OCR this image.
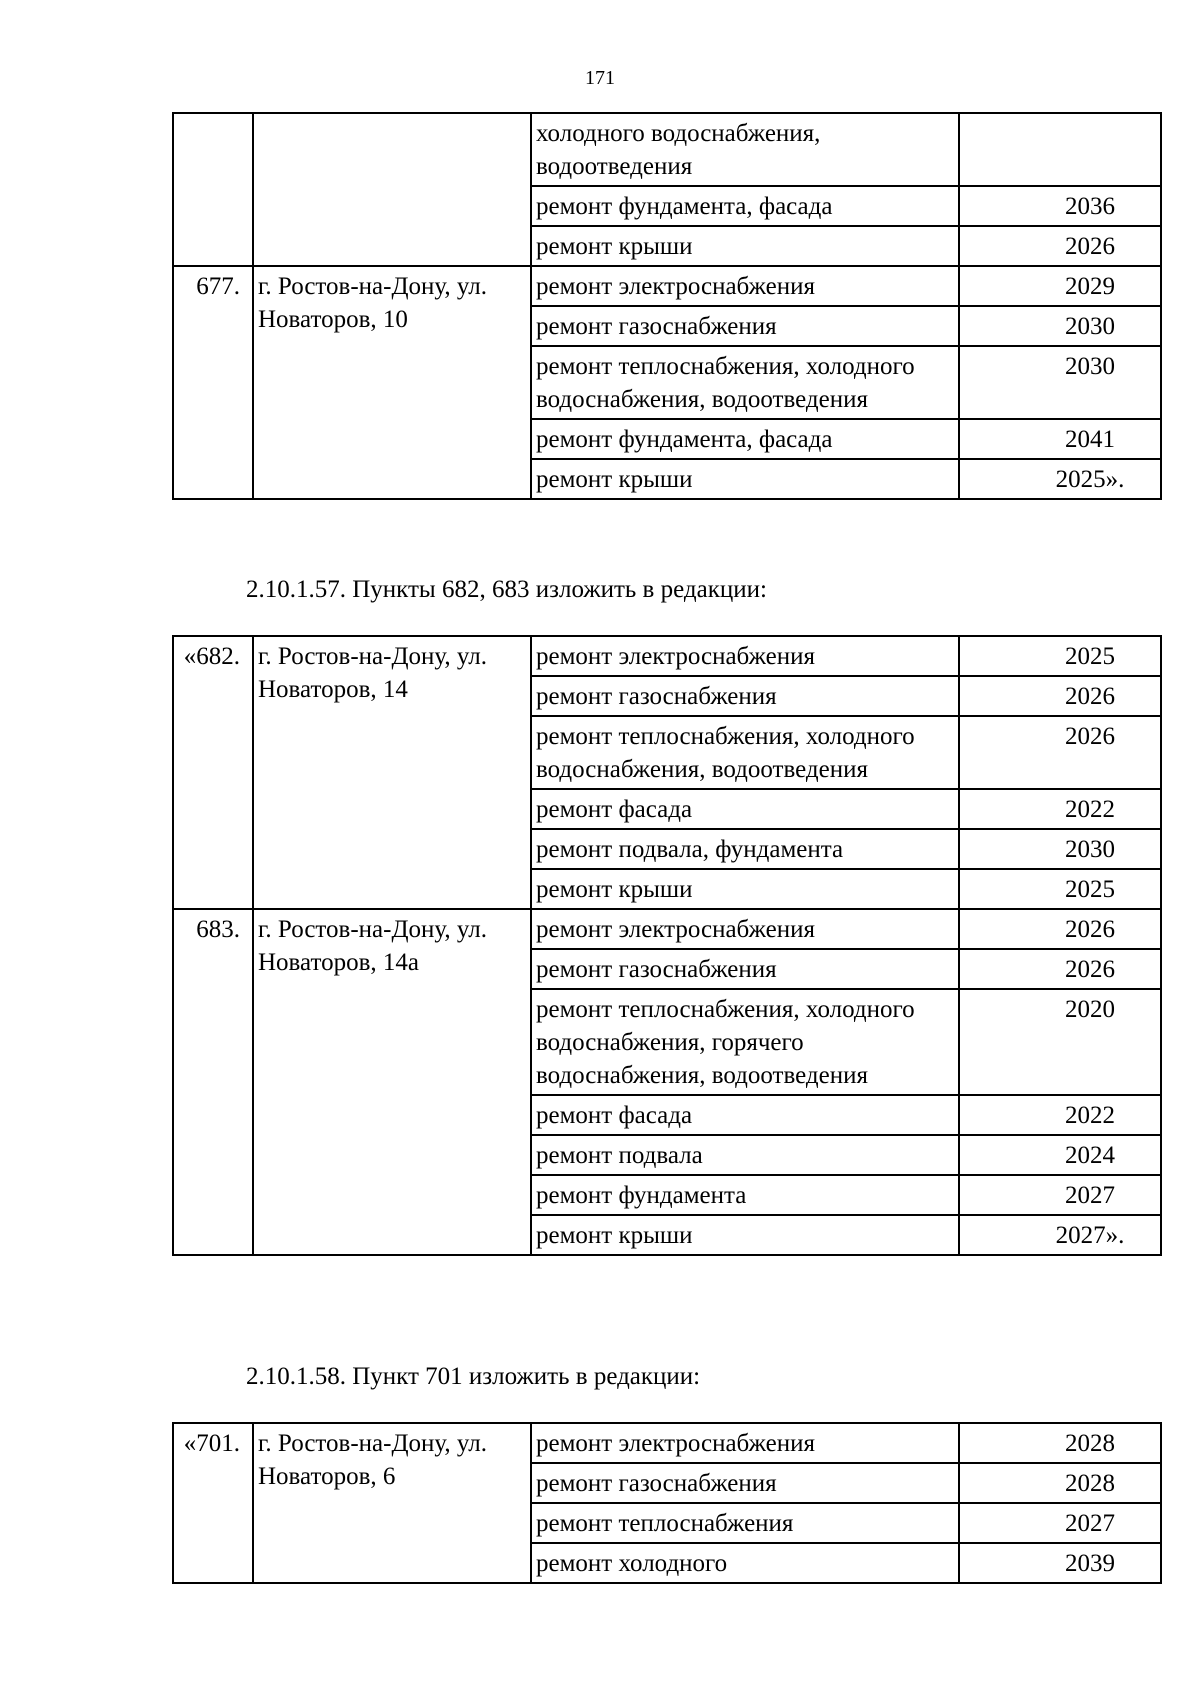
171
		холодного водоснабжения, водоотведения	
		ремонт фундамента, фасада	2036
		ремонт крыши	2026
677.	г. Ростов-на-Дону, ул. Новаторов, 10	ремонт электроснабжения	2029
		ремонт газоснабжения	2030
		ремонт теплоснабжения, холодного водоснабжения, водоотведения	2030
		ремонт фундамента, фасада	2041
		ремонт крыши	2025».
2.10.1.57. Пункты 682, 683 изложить в редакции:
«682.	г. Ростов-на-Дону, ул. Новаторов, 14	ремонт электроснабжения	2025
		ремонт газоснабжения	2026
		ремонт теплоснабжения, холодного водоснабжения, водоотведения	2026
		ремонт фасада	2022
		ремонт подвала, фундамента	2030
		ремонт крыши	2025
683.	г. Ростов-на-Дону, ул. Новаторов, 14а	ремонт электроснабжения	2026
		ремонт газоснабжения	2026
		ремонт теплоснабжения, холодного водоснабжения, горячего водоснабжения, водоотведения	2020
		ремонт фасада	2022
		ремонт подвала	2024
		ремонт фундамента	2027
		ремонт крыши	2027».
2.10.1.58. Пункт 701 изложить в редакции:
«701.	г. Ростов-на-Дону, ул. Новаторов, 6	ремонт электроснабжения	2028
		ремонт газоснабжения	2028
		ремонт теплоснабжения	2027
		ремонт холодного	2039
